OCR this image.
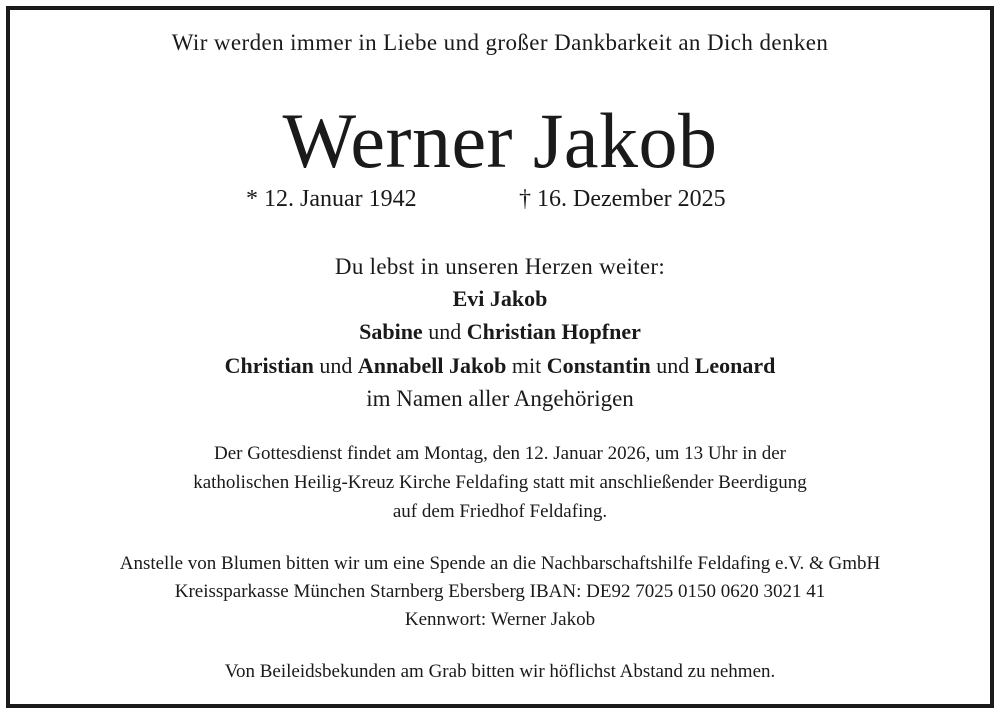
Wir werden immer in Liebe und großer Dankbarkeit an Dich denken
Werner Jakob
* 12. Januar 1942	† 16. Dezember 2025
Du lebst in unseren Herzen weiter:
Evi Jakob
Sabine und Christian Hopfner
Christian und Annabell Jakob mit Constantin und Leonard
im Namen aller Angehörigen
Der Gottesdienst findet am Montag, den 12. Januar 2026, um 13 Uhr in der
katholischen Heilig-Kreuz Kirche Feldafing statt mit anschließender Beerdigung
auf dem Friedhof Feldafing.
Anstelle von Blumen bitten wir um eine Spende an die Nachbarschaftshilfe Feldafing e.V. & GmbH
Kreissparkasse München Starnberg Ebersberg IBAN: DE92 7025 0150 0620 3021 41
Kennwort: Werner Jakob
Von Beileidsbekunden am Grab bitten wir höflichst Abstand zu nehmen.
